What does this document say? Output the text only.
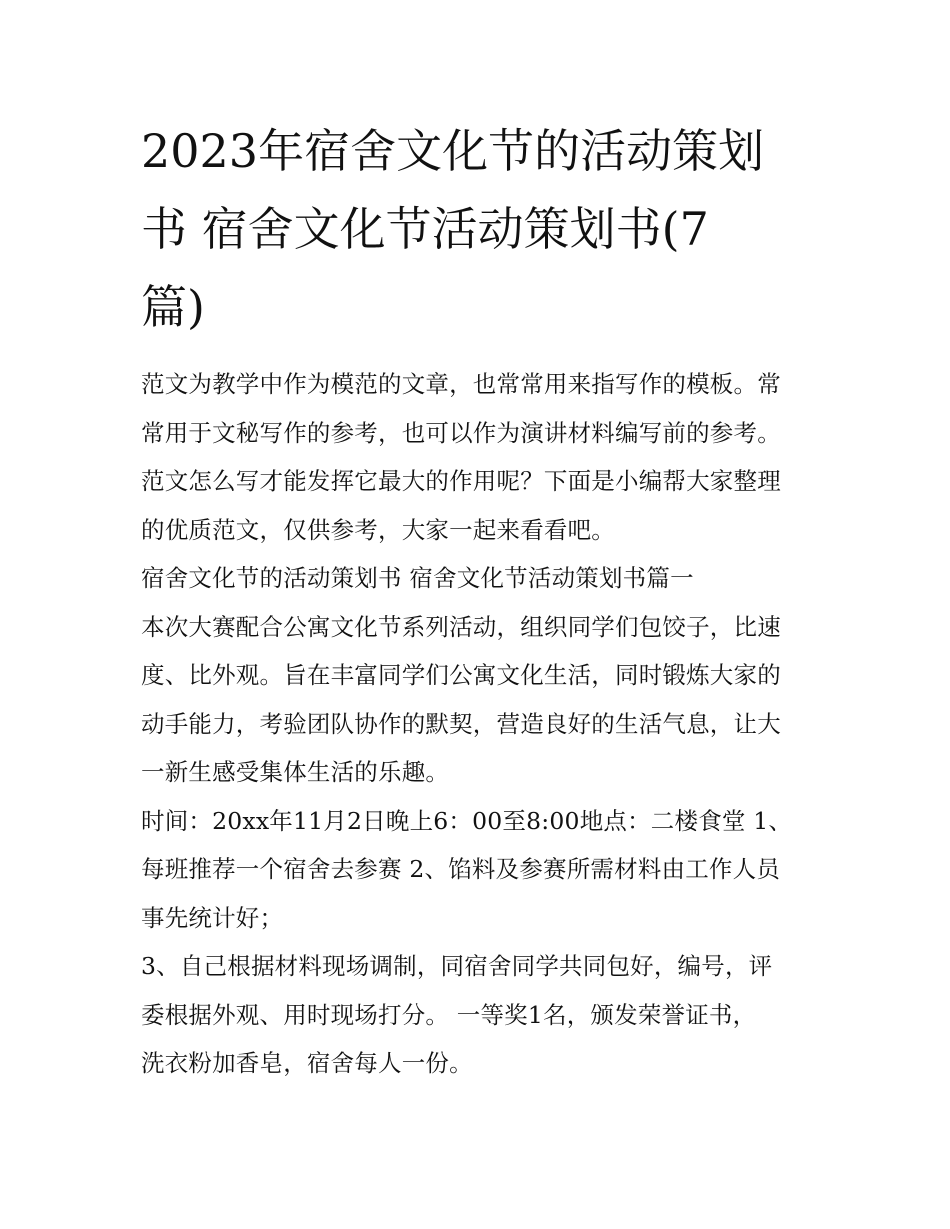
2023年宿舍文化节的活动策划
书 宿舍文化节活动策划书(7
篇)

范文为教学中作为模范的文章，也常常用来指写作的模板。常
常用于文秘写作的参考，也可以作为演讲材料编写前的参考。
范文怎么写才能发挥它最大的作用呢？下面是小编帮大家整理
的优质范文，仅供参考，大家一起来看看吧。

宿舍文化节的活动策划书 宿舍文化节活动策划书篇一

本次大赛配合公寓文化节系列活动，组织同学们包饺子，比速
度、比外观。旨在丰富同学们公寓文化生活，同时锻炼大家的
动手能力，考验团队协作的默契，营造良好的生活气息，让大
一新生感受集体生活的乐趣。

时间：20xx年11月2日晚上6：00至8:00地点：二楼食堂 1、
每班推荐一个宿舍去参赛 2、馅料及参赛所需材料由工作人员
事先统计好；

3、自己根据材料现场调制，同宿舍同学共同包好，编号，评
委根据外观、用时现场打分。 一等奖1名，颁发荣誉证书，
洗衣粉加香皂，宿舍每人一份。
